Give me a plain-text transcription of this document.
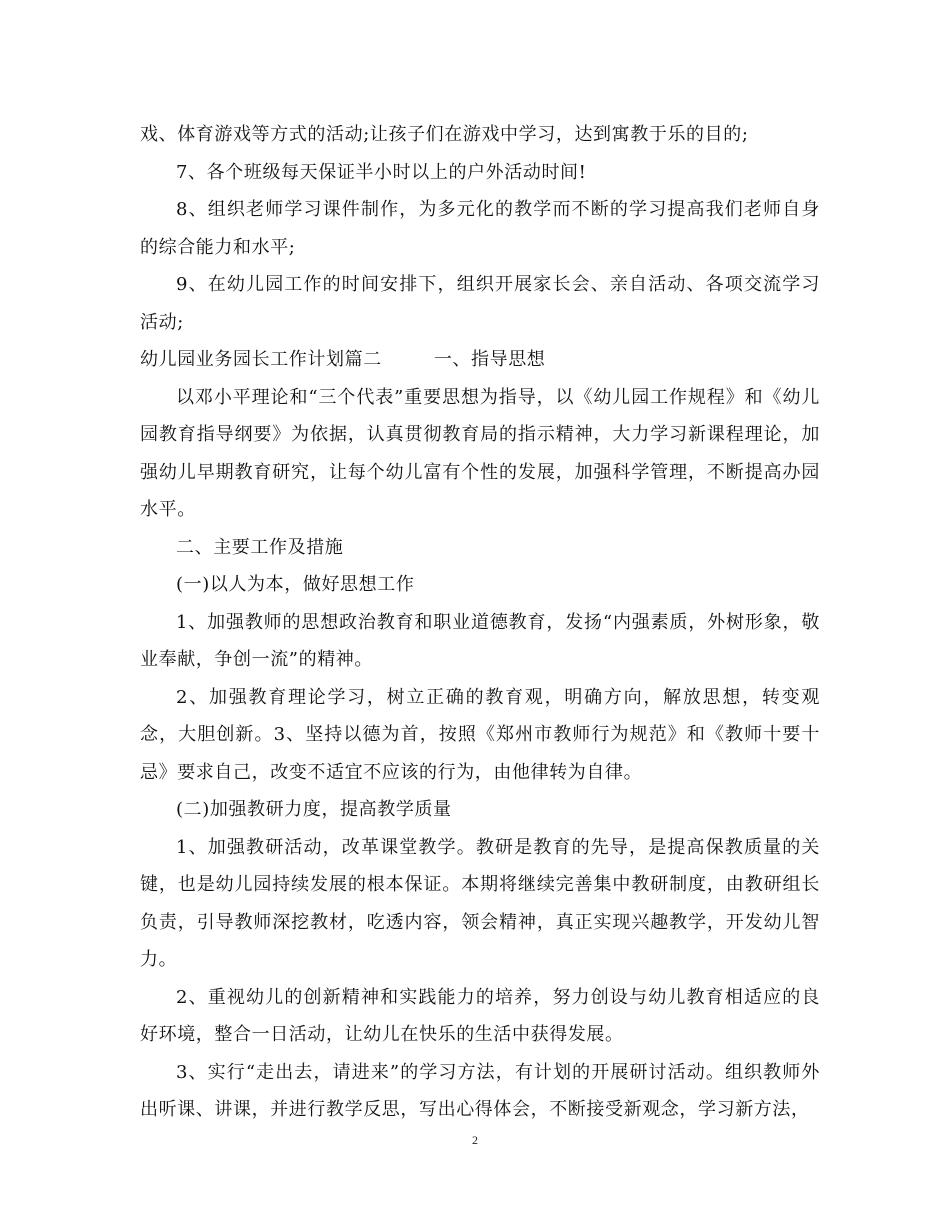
戏、体育游戏等方式的活动;让孩子们在游戏中学习，达到寓教于乐的目的;

7、各个班级每天保证半小时以上的户外活动时间!

8、组织老师学习课件制作，为多元化的教学而不断的学习提高我们老师自身的综合能力和水平;

9、在幼儿园工作的时间安排下，组织开展家长会、亲自活动、各项交流学习活动;

幼儿园业务园长工作计划篇二	一、指导思想

以邓小平理论和“三个代表”重要思想为指导，以《幼儿园工作规程》和《幼儿园教育指导纲要》为依据，认真贯彻教育局的指示精神，大力学习新课程理论，加强幼儿早期教育研究，让每个幼儿富有个性的发展，加强科学管理，不断提高办园水平。

二、主要工作及措施

(一)以人为本，做好思想工作

1、加强教师的思想政治教育和职业道德教育，发扬“内强素质，外树形象，敬业奉献，争创一流”的精神。

2、加强教育理论学习，树立正确的教育观，明确方向，解放思想，转变观念，大胆创新。3、坚持以德为首，按照《郑州市教师行为规范》和《教师十要十忌》要求自己，改变不适宜不应该的行为，由他律转为自律。

(二)加强教研力度，提高教学质量

1、加强教研活动，改革课堂教学。教研是教育的先导，是提高保教质量的关键，也是幼儿园持续发展的根本保证。本期将继续完善集中教研制度，由教研组长负责，引导教师深挖教材，吃透内容，领会精神，真正实现兴趣教学，开发幼儿智力。

2、重视幼儿的创新精神和实践能力的培养，努力创设与幼儿教育相适应的良好环境，整合一日活动，让幼儿在快乐的生活中获得发展。

3、实行“走出去，请进来”的学习方法，有计划的开展研讨活动。组织教师外出听课、讲课，并进行教学反思，写出心得体会，不断接受新观念，学习新方法，

2
